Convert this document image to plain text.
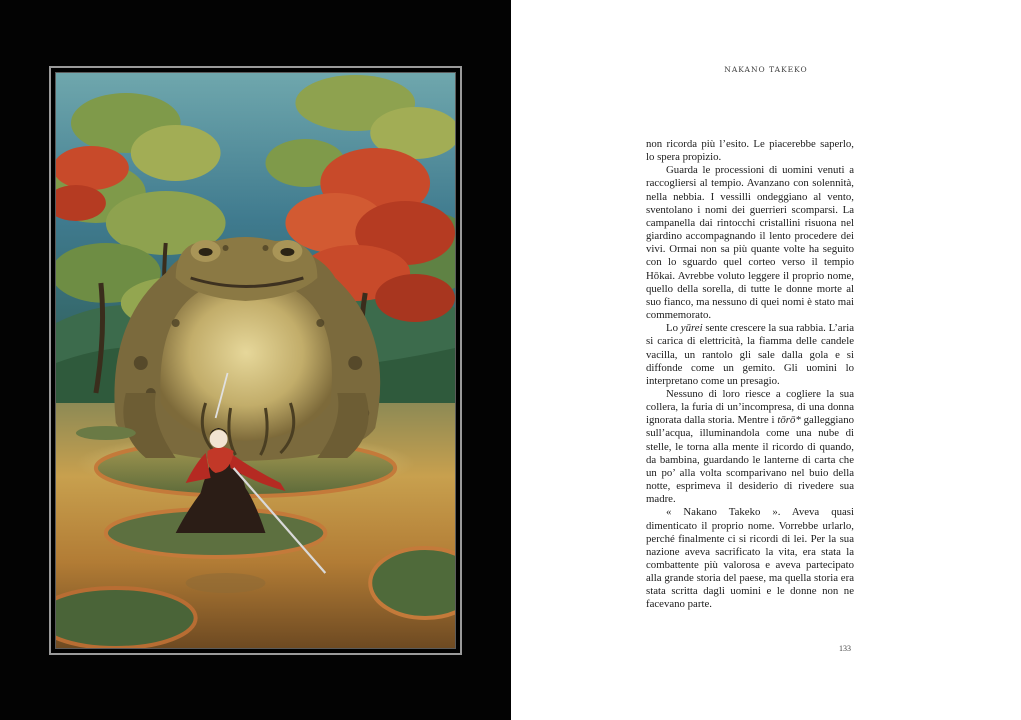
NAKANO TAKEKO

non ricorda più l’esito. Le piacerebbe saperlo, lo spera propizio.

Guarda le processioni di uomini venuti a raccogliersi al tempio. Avanzano con solennità, nella nebbia. I vessilli ondeggiano al vento, sventolano i nomi dei guerrieri scomparsi. La campanella dai rintocchi cristallini risuona nel giardino accompagnando il lento procedere dei vivi. Ormai non sa più quante volte ha seguito con lo sguardo quel corteo verso il tempio Hōkai. Avrebbe voluto leggere il proprio nome, quello della sorella, di tutte le donne morte al suo fianco, ma nessuno di quei nomi è stato mai commemorato.

Lo yūrei sente crescere la sua rabbia. L’aria si carica di elettricità, la fiamma delle candele vacilla, un rantolo gli sale dalla gola e si diffonde come un gemito. Gli uomini lo interpretano come un presagio.

Nessuno di loro riesce a cogliere la sua collera, la furia di un’incompresa, di una donna ignorata dalla storia. Mentre i tōrō* galleggiano sull’acqua, illuminandola come una nube di stelle, le torna alla mente il ricordo di quando, da bambina, guardando le lanterne di carta che un po’ alla volta scomparivano nel buio della notte, esprimeva il desiderio di rivedere sua madre.

« Nakano Takeko ». Aveva quasi dimenticato il proprio nome. Vorrebbe urlarlo, perché finalmente ci si ricordi di lei. Per la sua nazione aveva sacrificato la vita, era stata la combattente più valorosa e aveva partecipato alla grande storia del paese, ma quella storia era stata scritta dagli uomini e le donne non ne facevano parte.

133
